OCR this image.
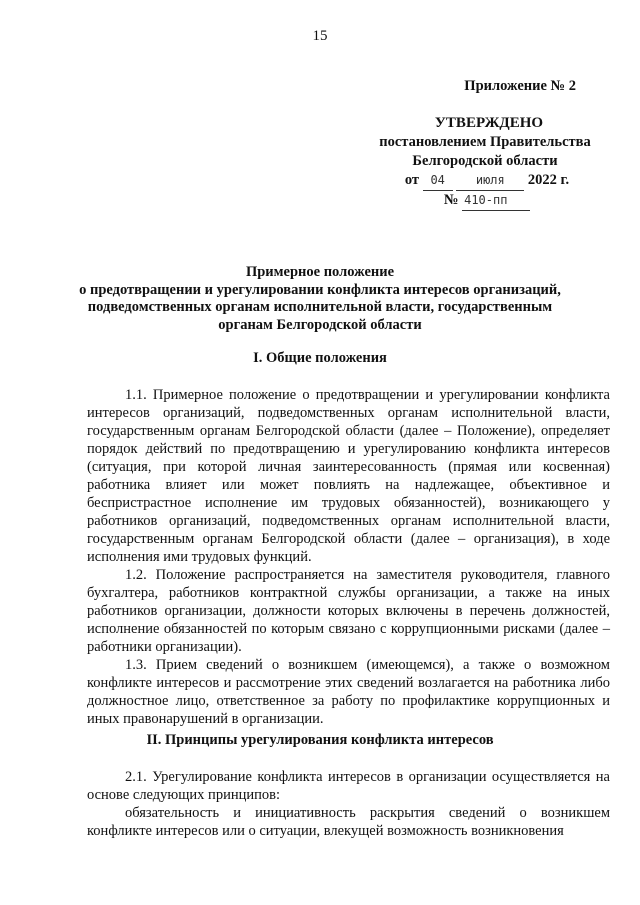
15
Приложение № 2
УТВЕРЖДЕНО
постановлением Правительства
Белгородской области
от 04	июля 2022 г.
№ 410-пп
Примерное положение
о предотвращении и урегулировании конфликта интересов организаций,
подведомственных органам исполнительной власти, государственным
органам Белгородской области
I. Общие положения

1.1. Примерное положение о предотвращении и урегулировании конфликта интересов организаций, подведомственных органам исполнительной власти, государственным органам Белгородской области (далее – Положение), определяет порядок действий по предотвращению и урегулированию конфликта интересов (ситуация, при которой личная заинтересованность (прямая или косвенная) работника влияет или может повлиять на надлежащее, объективное и беспристрастное исполнение им трудовых обязанностей), возникающего у работников организаций, подведомственных органам исполнительной власти, государственным органам Белгородской области (далее – организация), в ходе исполнения ими трудовых функций.

1.2. Положение распространяется на заместителя руководителя, главного бухгалтера, работников контрактной службы организации, а также на иных работников организации, должности которых включены в перечень должностей, исполнение обязанностей по которым связано с коррупционными рисками (далее – работники организации).

1.3. Прием сведений о возникшем (имеющемся), а также о возможном конфликте интересов и рассмотрение этих сведений возлагается на работника либо должностное лицо, ответственное за работу по профилактике коррупционных и иных правонарушений в организации.

II. Принципы урегулирования конфликта интересов

2.1. Урегулирование конфликта интересов в организации осуществляется на основе следующих принципов:

обязательность и инициативность раскрытия сведений о возникшем конфликте интересов или о ситуации, влекущей возможность возникновения
